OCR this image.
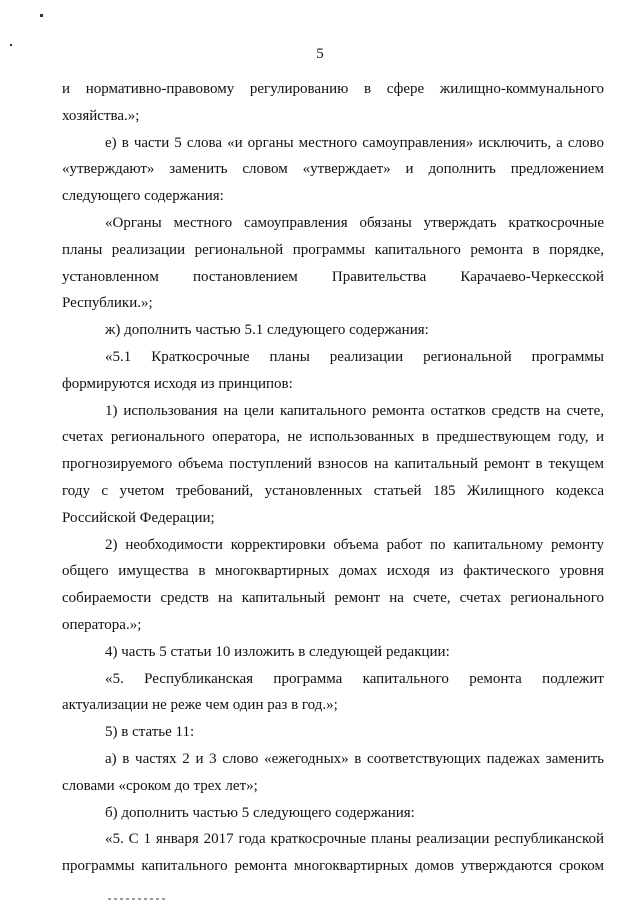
5

и нормативно-правовому регулированию в сфере жилищно-коммунального хозяйства.»;

е) в части 5 слова «и органы местного самоуправления» исключить, а слово «утверждают» заменить словом «утверждает» и дополнить предложением следующего содержания:

«Органы местного самоуправления обязаны утверждать краткосрочные планы реализации региональной программы капитального ремонта в порядке, установленном постановлением Правительства Карачаево-Черкесской Республики.»;

ж) дополнить частью 5.1 следующего содержания:

«5.1 Краткосрочные планы реализации региональной программы формируются исходя из принципов:

1) использования на цели капитального ремонта остатков средств на счете, счетах регионального оператора, не использованных в предшествующем году, и прогнозируемого объема поступлений взносов на капитальный ремонт в текущем году с учетом требований, установленных статьей 185 Жилищного кодекса Российской Федерации;

2) необходимости корректировки объема работ по капитальному ремонту общего имущества в многоквартирных домах исходя из фактического уровня собираемости средств на капитальный ремонт на счете, счетах регионального оператора.»;

4) часть 5 статьи 10 изложить в следующей редакции:

«5. Республиканская программа капитального ремонта подлежит актуализации не реже чем один раз в год.»;

5) в статье 11:

а) в частях 2 и 3 слово «ежегодных» в соответствующих падежах заменить словами «сроком до трех лет»;

б) дополнить частью 5 следующего содержания:

«5. С 1 января 2017 года краткосрочные планы реализации республиканской программы капитального ремонта многоквартирных домов утверждаются сроком
